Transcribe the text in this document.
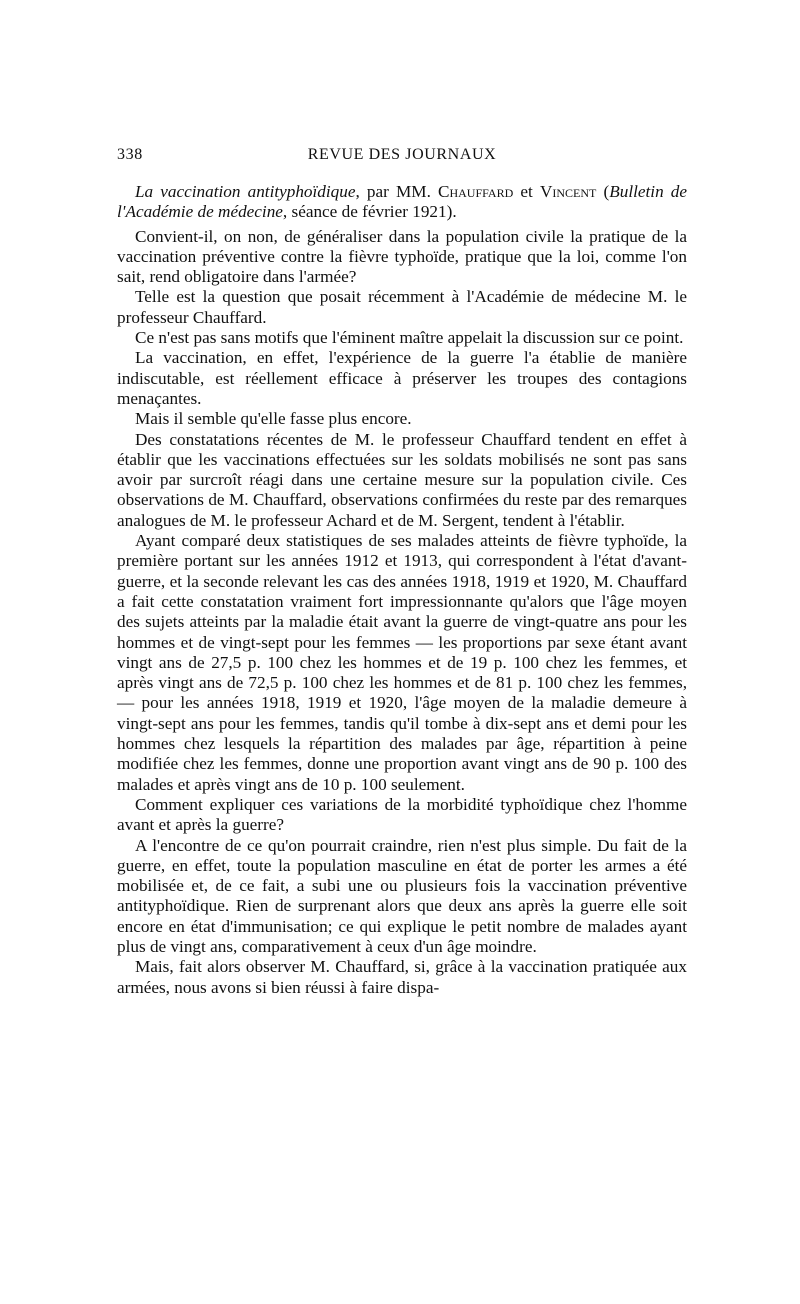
338	REVUE DES JOURNAUX

La vaccination antityphoïdique, par MM. Chauffard et Vincent (Bulletin de l'Académie de médecine, séance de février 1921).

Convient-il, on non, de généraliser dans la population civile la pratique de la vaccination préventive contre la fièvre typhoïde, pratique que la loi, comme l'on sait, rend obligatoire dans l'armée?

Telle est la question que posait récemment à l'Académie de médecine M. le professeur Chauffard.

Ce n'est pas sans motifs que l'éminent maître appelait la discussion sur ce point.

La vaccination, en effet, l'expérience de la guerre l'a établie de manière indiscutable, est réellement efficace à préserver les troupes des contagions menaçantes.

Mais il semble qu'elle fasse plus encore.

Des constatations récentes de M. le professeur Chauffard tendent en effet à établir que les vaccinations effectuées sur les soldats mobilisés ne sont pas sans avoir par surcroît réagi dans une certaine mesure sur la population civile. Ces observations de M. Chauffard, observations confirmées du reste par des remarques analogues de M. le professeur Achard et de M. Sergent, tendent à l'établir.

Ayant comparé deux statistiques de ses malades atteints de fièvre typhoïde, la première portant sur les années 1912 et 1913, qui correspondent à l'état d'avant-guerre, et la seconde relevant les cas des années 1918, 1919 et 1920, M. Chauffard a fait cette constatation vraiment fort impressionnante qu'alors que l'âge moyen des sujets atteints par la maladie était avant la guerre de vingt-quatre ans pour les hommes et de vingt-sept pour les femmes — les proportions par sexe étant avant vingt ans de 27,5 p. 100 chez les hommes et de 19 p. 100 chez les femmes, et après vingt ans de 72,5 p. 100 chez les hommes et de 81 p. 100 chez les femmes, — pour les années 1918, 1919 et 1920, l'âge moyen de la maladie demeure à vingt-sept ans pour les femmes, tandis qu'il tombe à dix-sept ans et demi pour les hommes chez lesquels la répartition des malades par âge, répartition à peine modifiée chez les femmes, donne une proportion avant vingt ans de 90 p. 100 des malades et après vingt ans de 10 p. 100 seulement.

Comment expliquer ces variations de la morbidité typhoïdique chez l'homme avant et après la guerre?

A l'encontre de ce qu'on pourrait craindre, rien n'est plus simple. Du fait de la guerre, en effet, toute la population masculine en état de porter les armes a été mobilisée et, de ce fait, a subi une ou plusieurs fois la vaccination préventive antityphoïdique. Rien de surprenant alors que deux ans après la guerre elle soit encore en état d'immunisation; ce qui explique le petit nombre de malades ayant plus de vingt ans, comparativement à ceux d'un âge moindre.

Mais, fait alors observer M. Chauffard, si, grâce à la vaccination pratiquée aux armées, nous avons si bien réussi à faire dispa-
